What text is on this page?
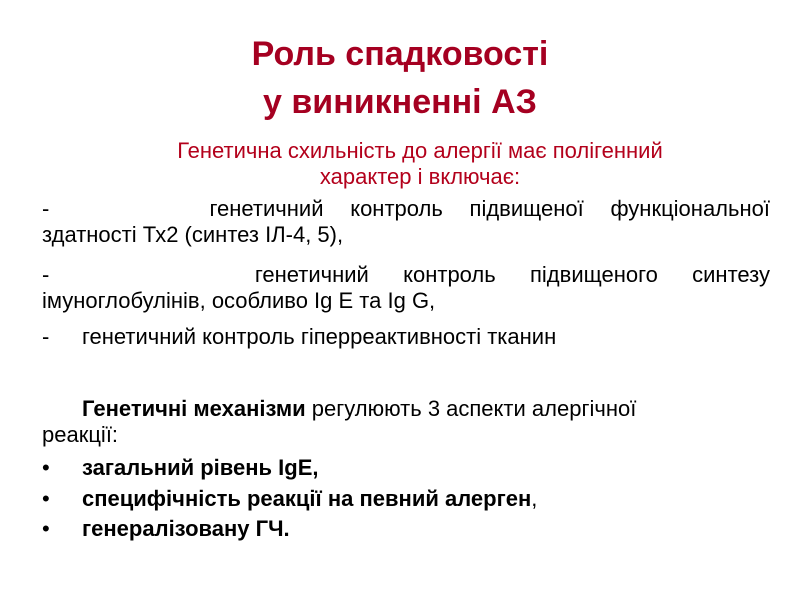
Роль спадковості
у виникненні АЗ
Генетична схильність до алергії має полігенний
характер і включає:
-	генетичний контроль підвищеної функціональної
здатності Тх2 (синтез ІЛ-4, 5),
-	генетичний контроль підвищеного синтезу
імуноглобулінів, особливо Ig E та Ig G,
- генетичний контроль гіперреактивності тканин
Генетичні механізми регулюють 3 аспекти алергічної
реакції:
• загальний рівень IgE,
• специфічність реакції на певний алерген,
• генералізовану ГЧ.
